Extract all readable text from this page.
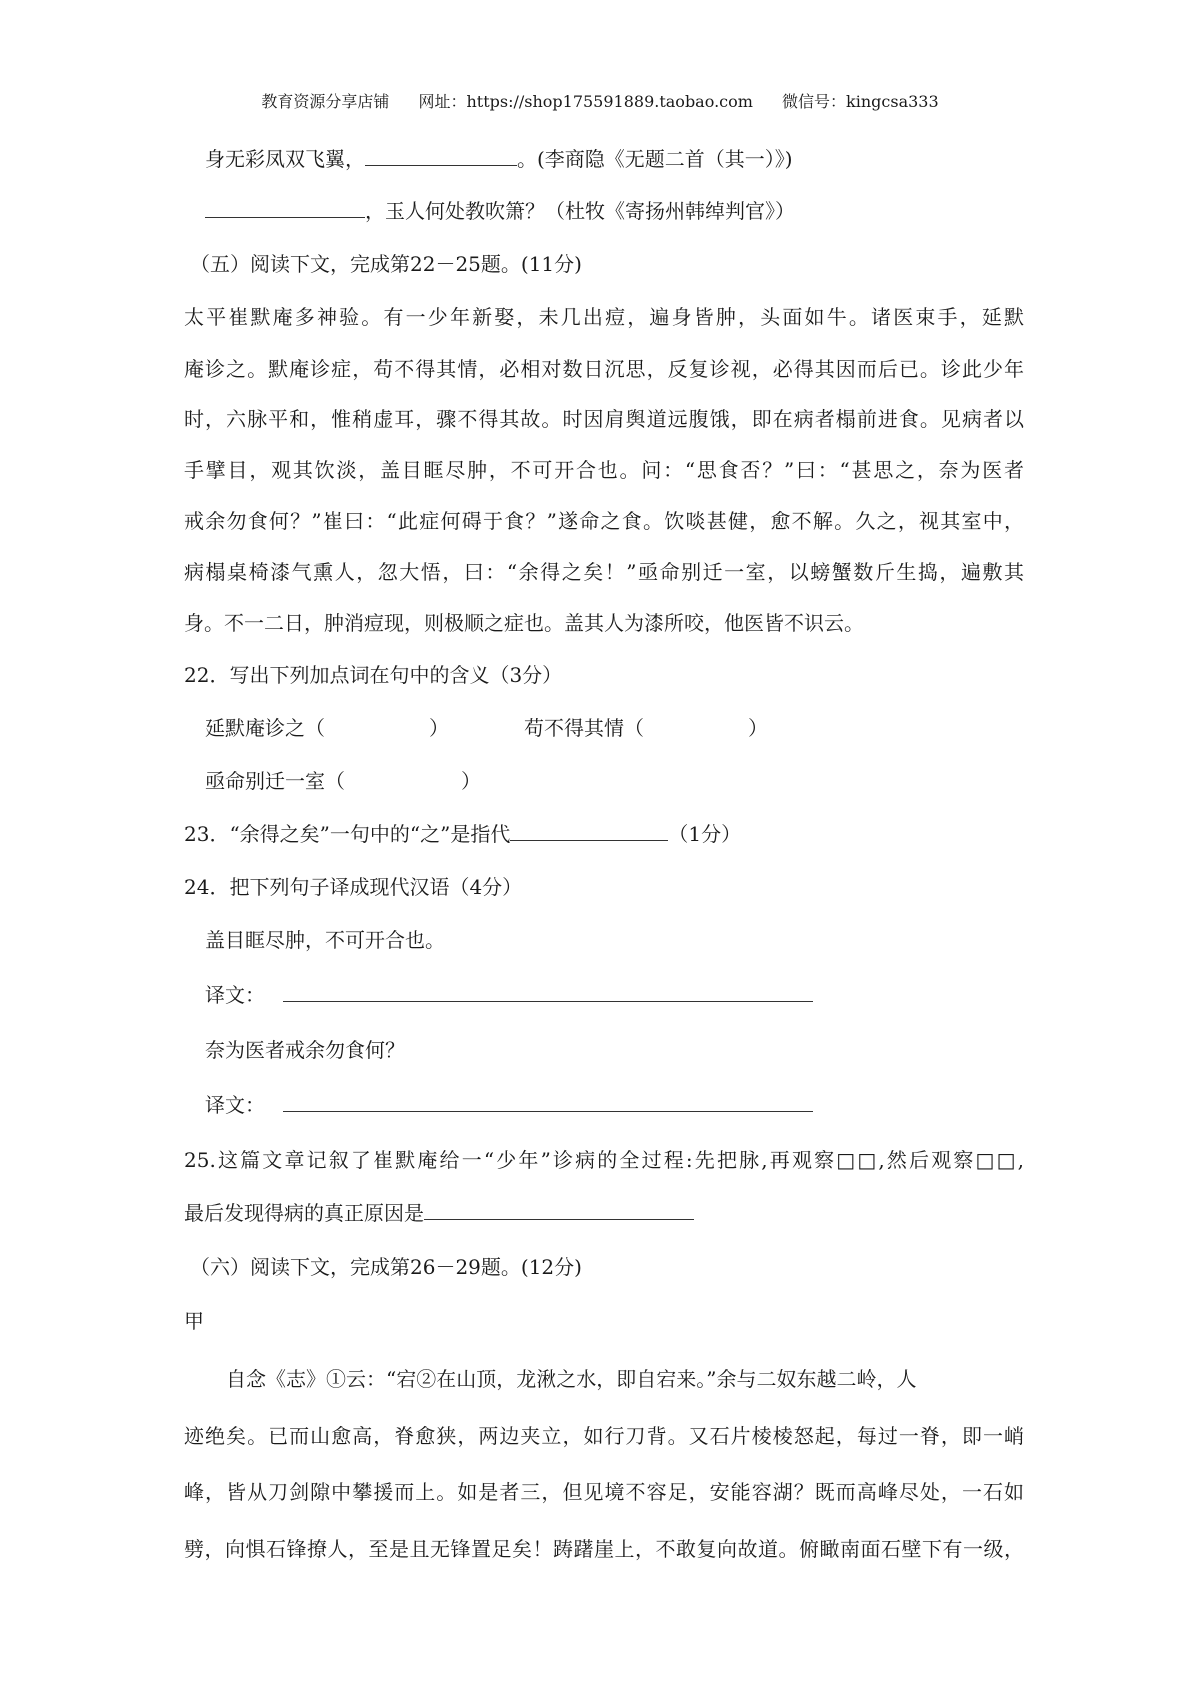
教育资源分享店铺 网址：https://shop175591889.taobao.com 微信号：kingcsa333
身无彩凤双飞翼，	。(李商隐《无题二首（其一）》)
，玉人何处教吹箫？（杜牧《寄扬州韩绰判官》）
（五）阅读下文，完成第22－25题。(11分)
太平崔默庵多神验。有一少年新娶，未几出痘，遍身皆肿，头面如牛。诸医束手，延默
庵诊之。默庵诊症，苟不得其情，必相对数日沉思，反复诊视，必得其因而后已。诊此少年
时，六脉平和，惟稍虚耳，骤不得其故。时因肩舆道远腹饿，即在病者榻前进食。见病者以
手擘目，观其饮淡，盖目眶尽肿，不可开合也。问：“思食否？”曰：“甚思之，奈为医者
戒余勿食何？”崔曰：“此症何碍于食？”遂命之食。饮啖甚健，愈不解。久之，视其室中，
病榻桌椅漆气熏人，忽大悟，曰：“余得之矣！”亟命别迁一室，以螃蟹数斤生捣，遍敷其
身。不一二日，肿消痘现，则极顺之症也。盖其人为漆所咬，他医皆不识云。
22．写出下列加点词在句中的含义（3分）
延默庵诊之（	）	苟不得其情（	）
亟命别迁一室（	）
23．“余得之矣”一句中的“之”是指代	（1分）
24．把下列句子译成现代汉语（4分）
盖目眶尽肿，不可开合也。
译文：
奈为医者戒余勿食何？
译文：
25.这篇文章记叙了崔默庵给一“少年”诊病的全过程:先把脉,再观察□□,然后观察□□,
最后发现得病的真正原因是
（六）阅读下文，完成第26－29题。(12分)
甲
自念《志》①云：“宕②在山顶，龙湫之水，即自宕来。”余与二奴东越二岭，人
迹绝矣。已而山愈高，脊愈狭，两边夹立，如行刀背。又石片棱棱怒起，每过一脊，即一峭
峰，皆从刀剑隙中攀援而上。如是者三，但见境不容足，安能容湖？既而高峰尽处，一石如
劈，向惧石锋撩人，至是且无锋置足矣！踌躇崖上，不敢复向故道。俯瞰南面石壁下有一级，
